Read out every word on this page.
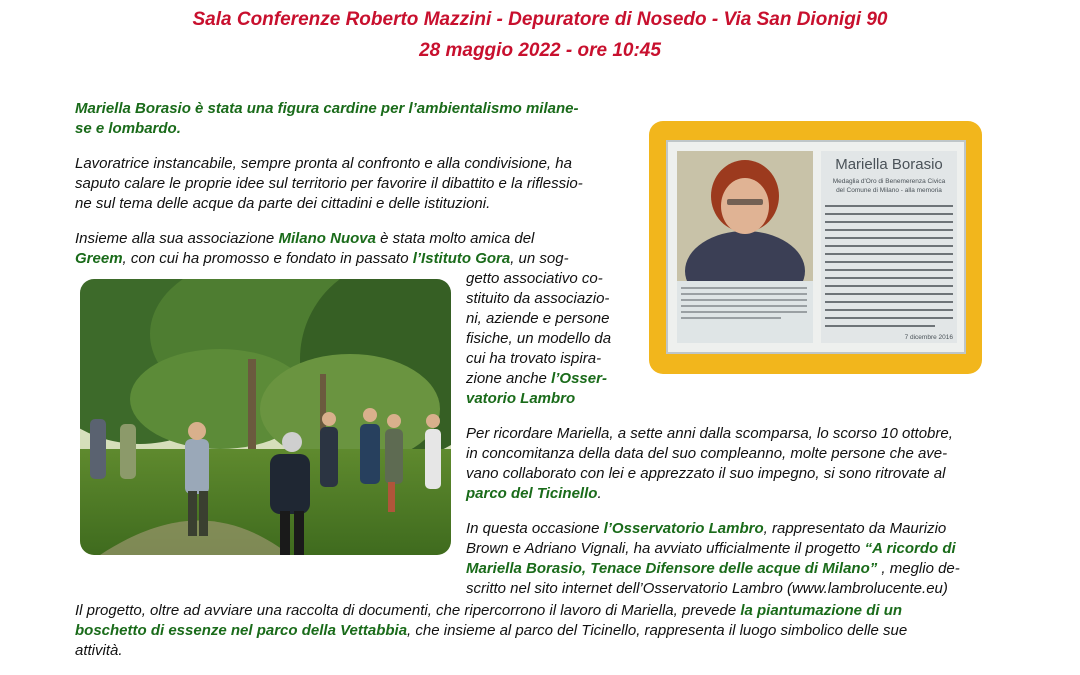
Sala Conferenze Roberto Mazzini - Depuratore di Nosedo - Via San Dionigi 90
28 maggio 2022 - ore 10:45
Mariella Borasio è stata una figura cardine per l’ambientalismo milane-
se e lombardo.
Lavoratrice instancabile, sempre pronta al confronto e alla condivisione, ha
saputo calare le proprie idee sul territorio per favorire il dibattito e la riflessio-
ne sul tema delle acque da parte dei cittadini e delle istituzioni.
Insieme alla sua associazione Milano Nuova è stata molto amica del
Greem, con cui ha promosso e fondato in passato l’Istituto Gora, un sog-
getto associativo co-
stituito da associazio-
ni, aziende e persone
fisiche, un modello da
cui ha trovato ispira-
zione anche l’Osser-
vatorio Lambro
Per ricordare Mariella, a sette anni dalla scomparsa, lo scorso 10 ottobre,
in concomitanza della data del suo compleanno, molte persone che ave-
vano collaborato con lei e apprezzato il suo impegno, si sono ritrovate al
parco del Ticinello.
In questa occasione l’Osservatorio Lambro, rappresentato da Maurizio
Brown e Adriano Vignali, ha avviato ufficialmente il progetto “A ricordo di
Mariella Borasio, Tenace Difensore delle acque di Milano” , meglio de-
scritto nel sito internet dell’Osservatorio Lambro (www.lambrolucente.eu)
Il progetto, oltre ad avviare una raccolta di documenti, che ripercorrono il lavoro di Mariella, prevede la piantumazione di un
boschetto di essenze nel parco della Vettabbia, che insieme al parco del Ticinello, rappresenta il luogo simbolico delle sue
attività.
Mariella Borasio
Medaglia d'Oro di Benemerenza Civica
del Comune di Milano - alla memoria
7 dicembre 2016
